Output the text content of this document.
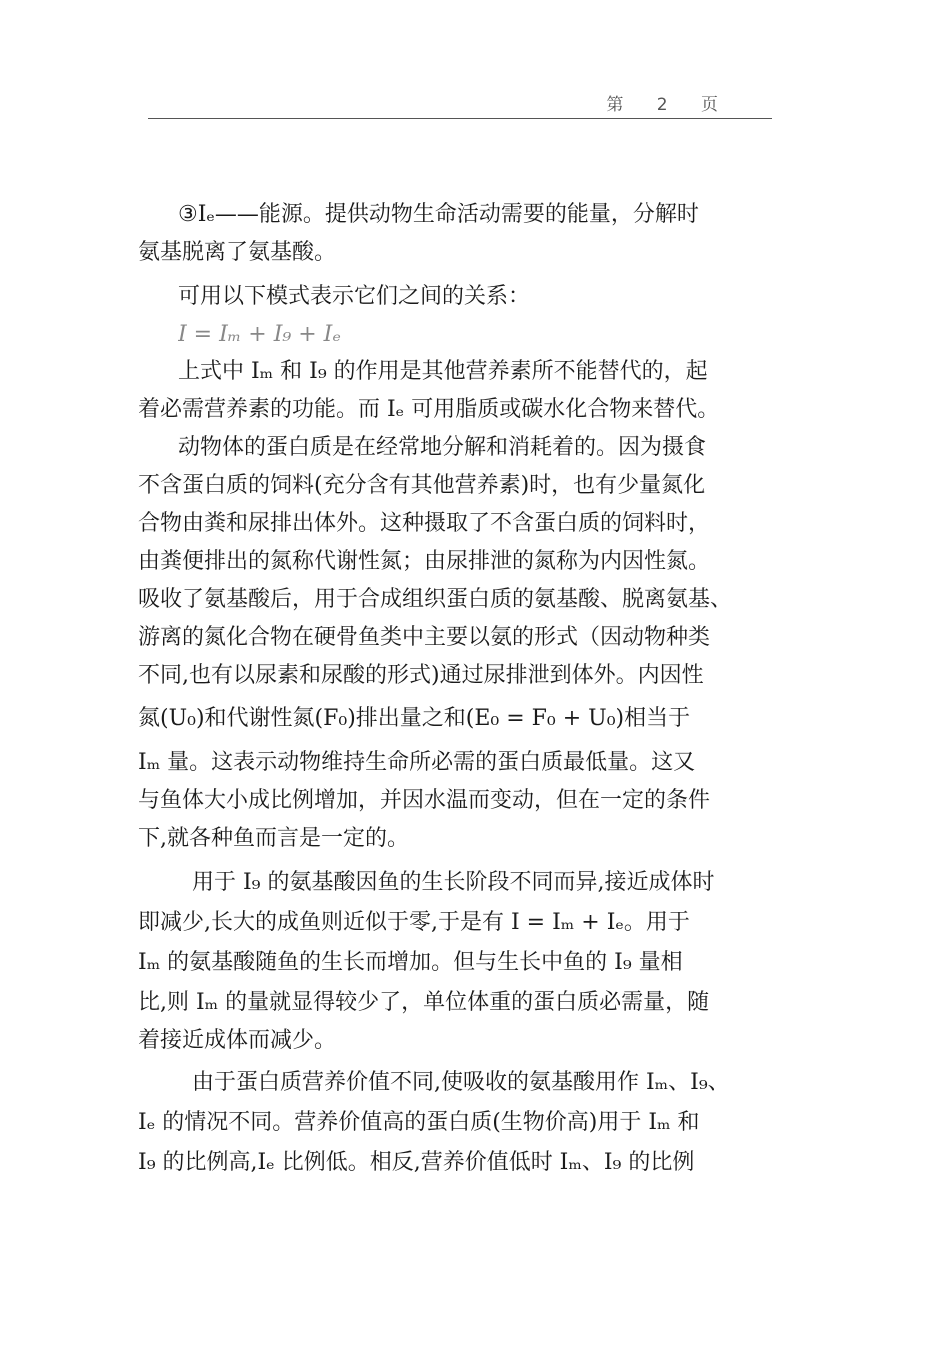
第 2 页
③Iₑ——能源。提供动物生命活动需要的能量，分解时
氨基脱离了氨基酸。
可用以下模式表示它们之间的关系：
I = Iₘ + I₉ + Iₑ
上式中 Iₘ 和 I₉ 的作用是其他营养素所不能替代的，起
着必需营养素的功能。而 Iₑ 可用脂质或碳水化合物来替代。
动物体的蛋白质是在经常地分解和消耗着的。因为摄食
不含蛋白质的饲料(充分含有其他营养素)时，也有少量氮化
合物由粪和尿排出体外。这种摄取了不含蛋白质的饲料时，
由粪便排出的氮称代谢性氮；由尿排泄的氮称为内因性氮。
吸收了氨基酸后，用于合成组织蛋白质的氨基酸、脱离氨基、
游离的氮化合物在硬骨鱼类中主要以氨的形式（因动物种类
不同,也有以尿素和尿酸的形式)通过尿排泄到体外。内因性
氮(U₀)和代谢性氮(F₀)排出量之和(E₀ = F₀ + U₀)相当于
Iₘ 量。这表示动物维持生命所必需的蛋白质最低量。这又
与鱼体大小成比例增加，并因水温而变动，但在一定的条件
下,就各种鱼而言是一定的。
用于 I₉ 的氨基酸因鱼的生长阶段不同而异,接近成体时
即减少,长大的成鱼则近似于零,于是有 I = Iₘ + Iₑ。用于
Iₘ 的氨基酸随鱼的生长而增加。但与生长中鱼的 I₉ 量相
比,则 Iₘ 的量就显得较少了，单位体重的蛋白质必需量，随
着接近成体而减少。
由于蛋白质营养价值不同,使吸收的氨基酸用作 Iₘ、I₉、
Iₑ 的情况不同。营养价值高的蛋白质(生物价高)用于 Iₘ 和
I₉ 的比例高,Iₑ 比例低。相反,营养价值低时 Iₘ、I₉ 的比例
